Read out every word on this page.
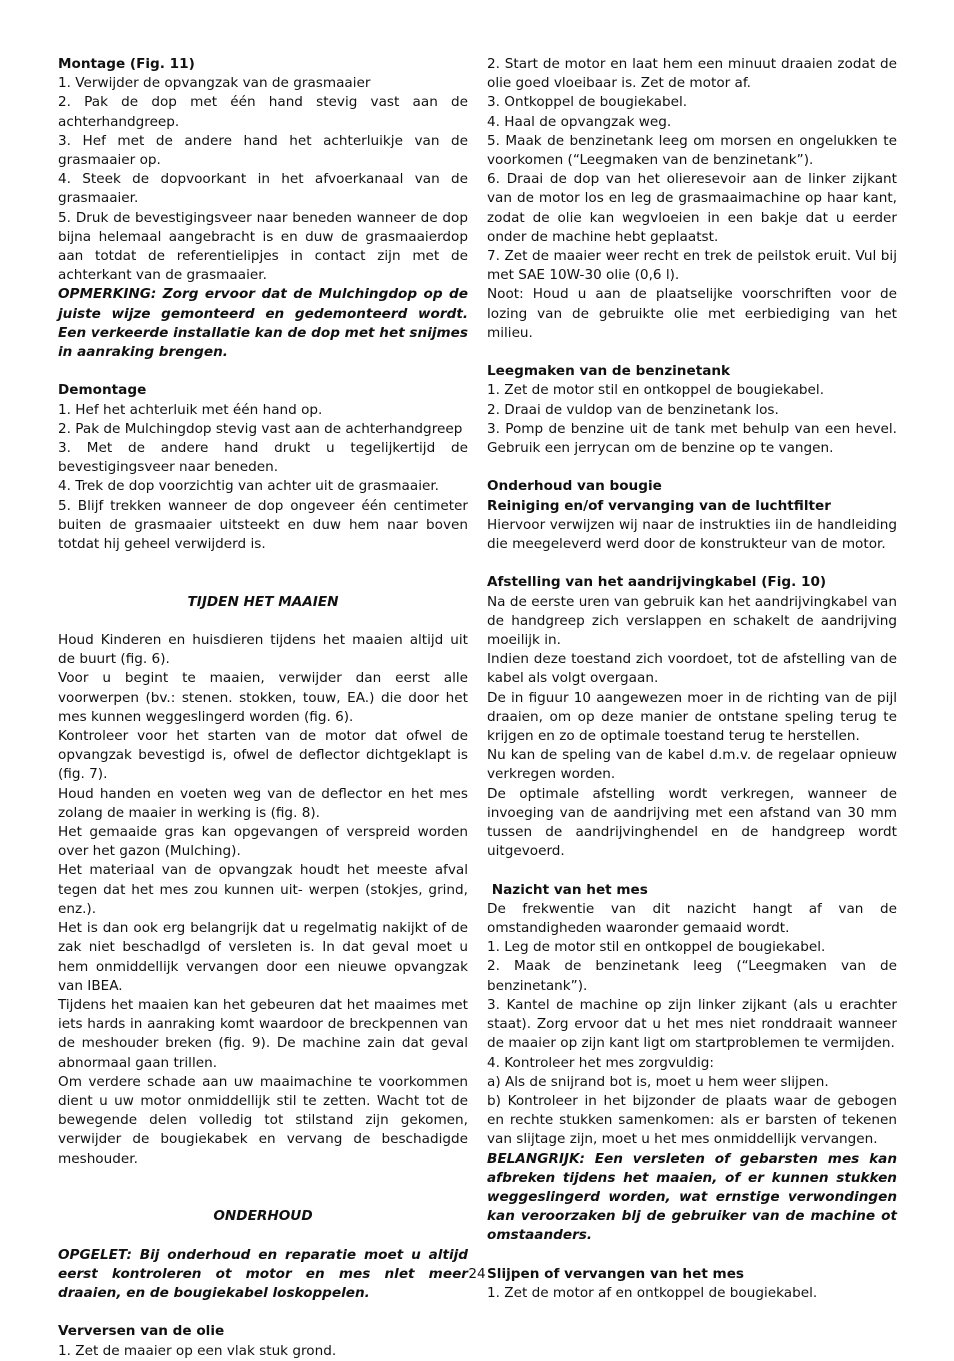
Montage (Fig. 11)

1. Verwijder de opvangzak van de grasmaaier

2. Pak de dop met één hand stevig vast aan de achterhandgreep.

3. Hef met de andere hand het achterluikje van de grasmaaier op.

4. Steek de dopvoorkant in het afvoerkanaal van de grasmaaier.

5. Druk de bevestigingsveer naar beneden wanneer de dop bijna helemaal aangebracht is en duw de grasmaaierdop aan totdat de referentielipjes in contact zijn met de achterkant van de grasmaaier.

OPMERKING: Zorg ervoor dat de Mulchingdop op de juiste wijze gemonteerd en gedemonteerd wordt. Een verkeerde installatie kan de dop met het snijmes in aanraking brengen.

Demontage

1. Hef het achterluik met één hand op.

2. Pak de Mulchingdop stevig vast aan de achterhandgreep

3. Met de andere hand drukt u tegelijkertijd de bevestigingsveer naar beneden.

4. Trek de dop voorzichtig van achter uit de grasmaaier.

5. Blijf trekken wanneer de dop ongeveer één centimeter buiten de grasmaaier uitsteekt en duw hem naar boven totdat hij geheel verwijderd is.

TIJDEN HET MAAIEN

Houd Kinderen en huisdieren tijdens het maaien altijd uit de buurt (fig. 6).

Voor u begint te maaien, verwijder dan eerst alle voorwerpen (bv.: stenen. stokken, touw, EA.) die door het mes kunnen weggeslingerd worden (fig. 6).

Kontroleer voor het starten van de motor dat ofwel de opvangzak bevestigd is, ofwel de deflector dichtgeklapt is (fig. 7).

Houd handen en voeten weg van de deflector en het mes zolang de maaier in werking is (fig. 8).

Het gemaaide gras kan opgevangen of verspreid worden over het gazon (Mulching).

Het materiaal van de opvangzak houdt het meeste afval tegen dat het mes zou kunnen uit- werpen (stokjes, grind, enz.).

Het is dan ook erg belangrijk dat u regelmatig nakijkt of de zak niet beschadlgd of versleten is. In dat geval moet u hem onmiddellijk vervangen door een nieuwe opvangzak van IBEA.

Tijdens het maaien kan het gebeuren dat het maaimes met iets hards in aanraking komt waardoor de breckpennen van de meshouder breken (fig. 9). De machine zain dat geval abnormaal gaan trillen.

Om verdere schade aan uw maaimachine te voorkommen dient u uw motor onmiddellijk stil te zetten. Wacht tot de bewegende delen volledig tot stilstand zijn gekomen, verwijder de bougiekabek en vervang de beschadigde meshouder.

ONDERHOUD

OPGELET: Bij onderhoud en reparatie moet u altijd eerst kontroleren ot motor en mes nlet meer draaien, en de bougiekabel loskoppelen.

Verversen van de olie

1. Zet de maaier op een vlak stuk grond.

2. Start de motor en laat hem een minuut draaien zodat de olie goed vloeibaar is. Zet de motor af.

3. Ontkoppel de bougiekabel.

4. Haal de opvangzak weg.

5. Maak de benzinetank leeg om morsen en ongelukken te voorkomen (“Leegmaken van de benzinetank”).

6. Draai de dop van het olieresevoir aan de linker zijkant van de motor los en leg de grasmaaimachine op haar kant, zodat de olie kan wegvloeien in een bakje dat u eerder onder de machine hebt geplaatst.

7. Zet de maaier weer recht en trek de peilstok eruit. Vul bij met SAE 10W-30 olie (0,6 l).

Noot: Houd u aan de plaatselijke voorschriften voor de lozing van de gebruikte olie met eerbiediging van het milieu.

Leegmaken van de benzinetank

1. Zet de motor stil en ontkoppel de bougiekabel.

2. Draai de vuldop van de benzinetank los.

3. Pomp de benzine uit de tank met behulp van een hevel. Gebruik een jerrycan om de benzine op te vangen.

Onderhoud van bougie

Reiniging en/of vervanging van de luchtfilter

Hiervoor verwijzen wij naar de instrukties iin de handleiding die meegeleverd werd door de konstrukteur van de motor.

Afstelling van het aandrijvingkabel (Fig. 10)

Na de eerste uren van gebruik kan het aandrijvingkabel van de handgreep zich verslappen en schakelt de aandrijving moeilijk in.

Indien deze toestand zich voordoet, tot de afstelling van de kabel als volgt overgaan.

De in figuur 10 aangewezen moer in de richting van de pijl draaien, om op deze manier de ontstane speling terug te krijgen en zo de optimale toestand terug te herstellen.

Nu kan de speling van de kabel d.m.v. de regelaar opnieuw verkregen worden.

De optimale afstelling wordt verkregen, wanneer de invoeging van de aandrijving met een afstand van 30 mm tussen de aandrijvinghendel en de handgreep wordt uitgevoerd.

Nazicht van het mes

De frekwentie van dit nazicht hangt af van de omstandigheden waaronder gemaaid wordt.

1. Leg de motor stil en ontkoppel de bougiekabel.

2. Maak de benzinetank leeg (“Leegmaken van de benzinetank”).

3. Kantel de machine op zijn linker zijkant (als u erachter staat). Zorg ervoor dat u het mes niet ronddraait wanneer de maaier op zijn kant ligt om startproblemen te vermijden.

4. Kontroleer het mes zorgvuldig:

a) Als de snijrand bot is, moet u hem weer slijpen.

b) Kontroleer in het bijzonder de plaats waar de gebogen en rechte stukken samenkomen: als er barsten of tekenen van slijtage zijn, moet u het mes onmiddellijk vervangen.

BELANGRIJK: Een versleten of gebarsten mes kan afbreken tijdens het maaien, of er kunnen stukken weggeslingerd worden, wat ernstige verwondingen kan veroorzaken blj de gebruiker van de machine ot omstaanders.

Slijpen of vervangen van het mes

1. Zet de motor af en ontkoppel de bougiekabel.

24
